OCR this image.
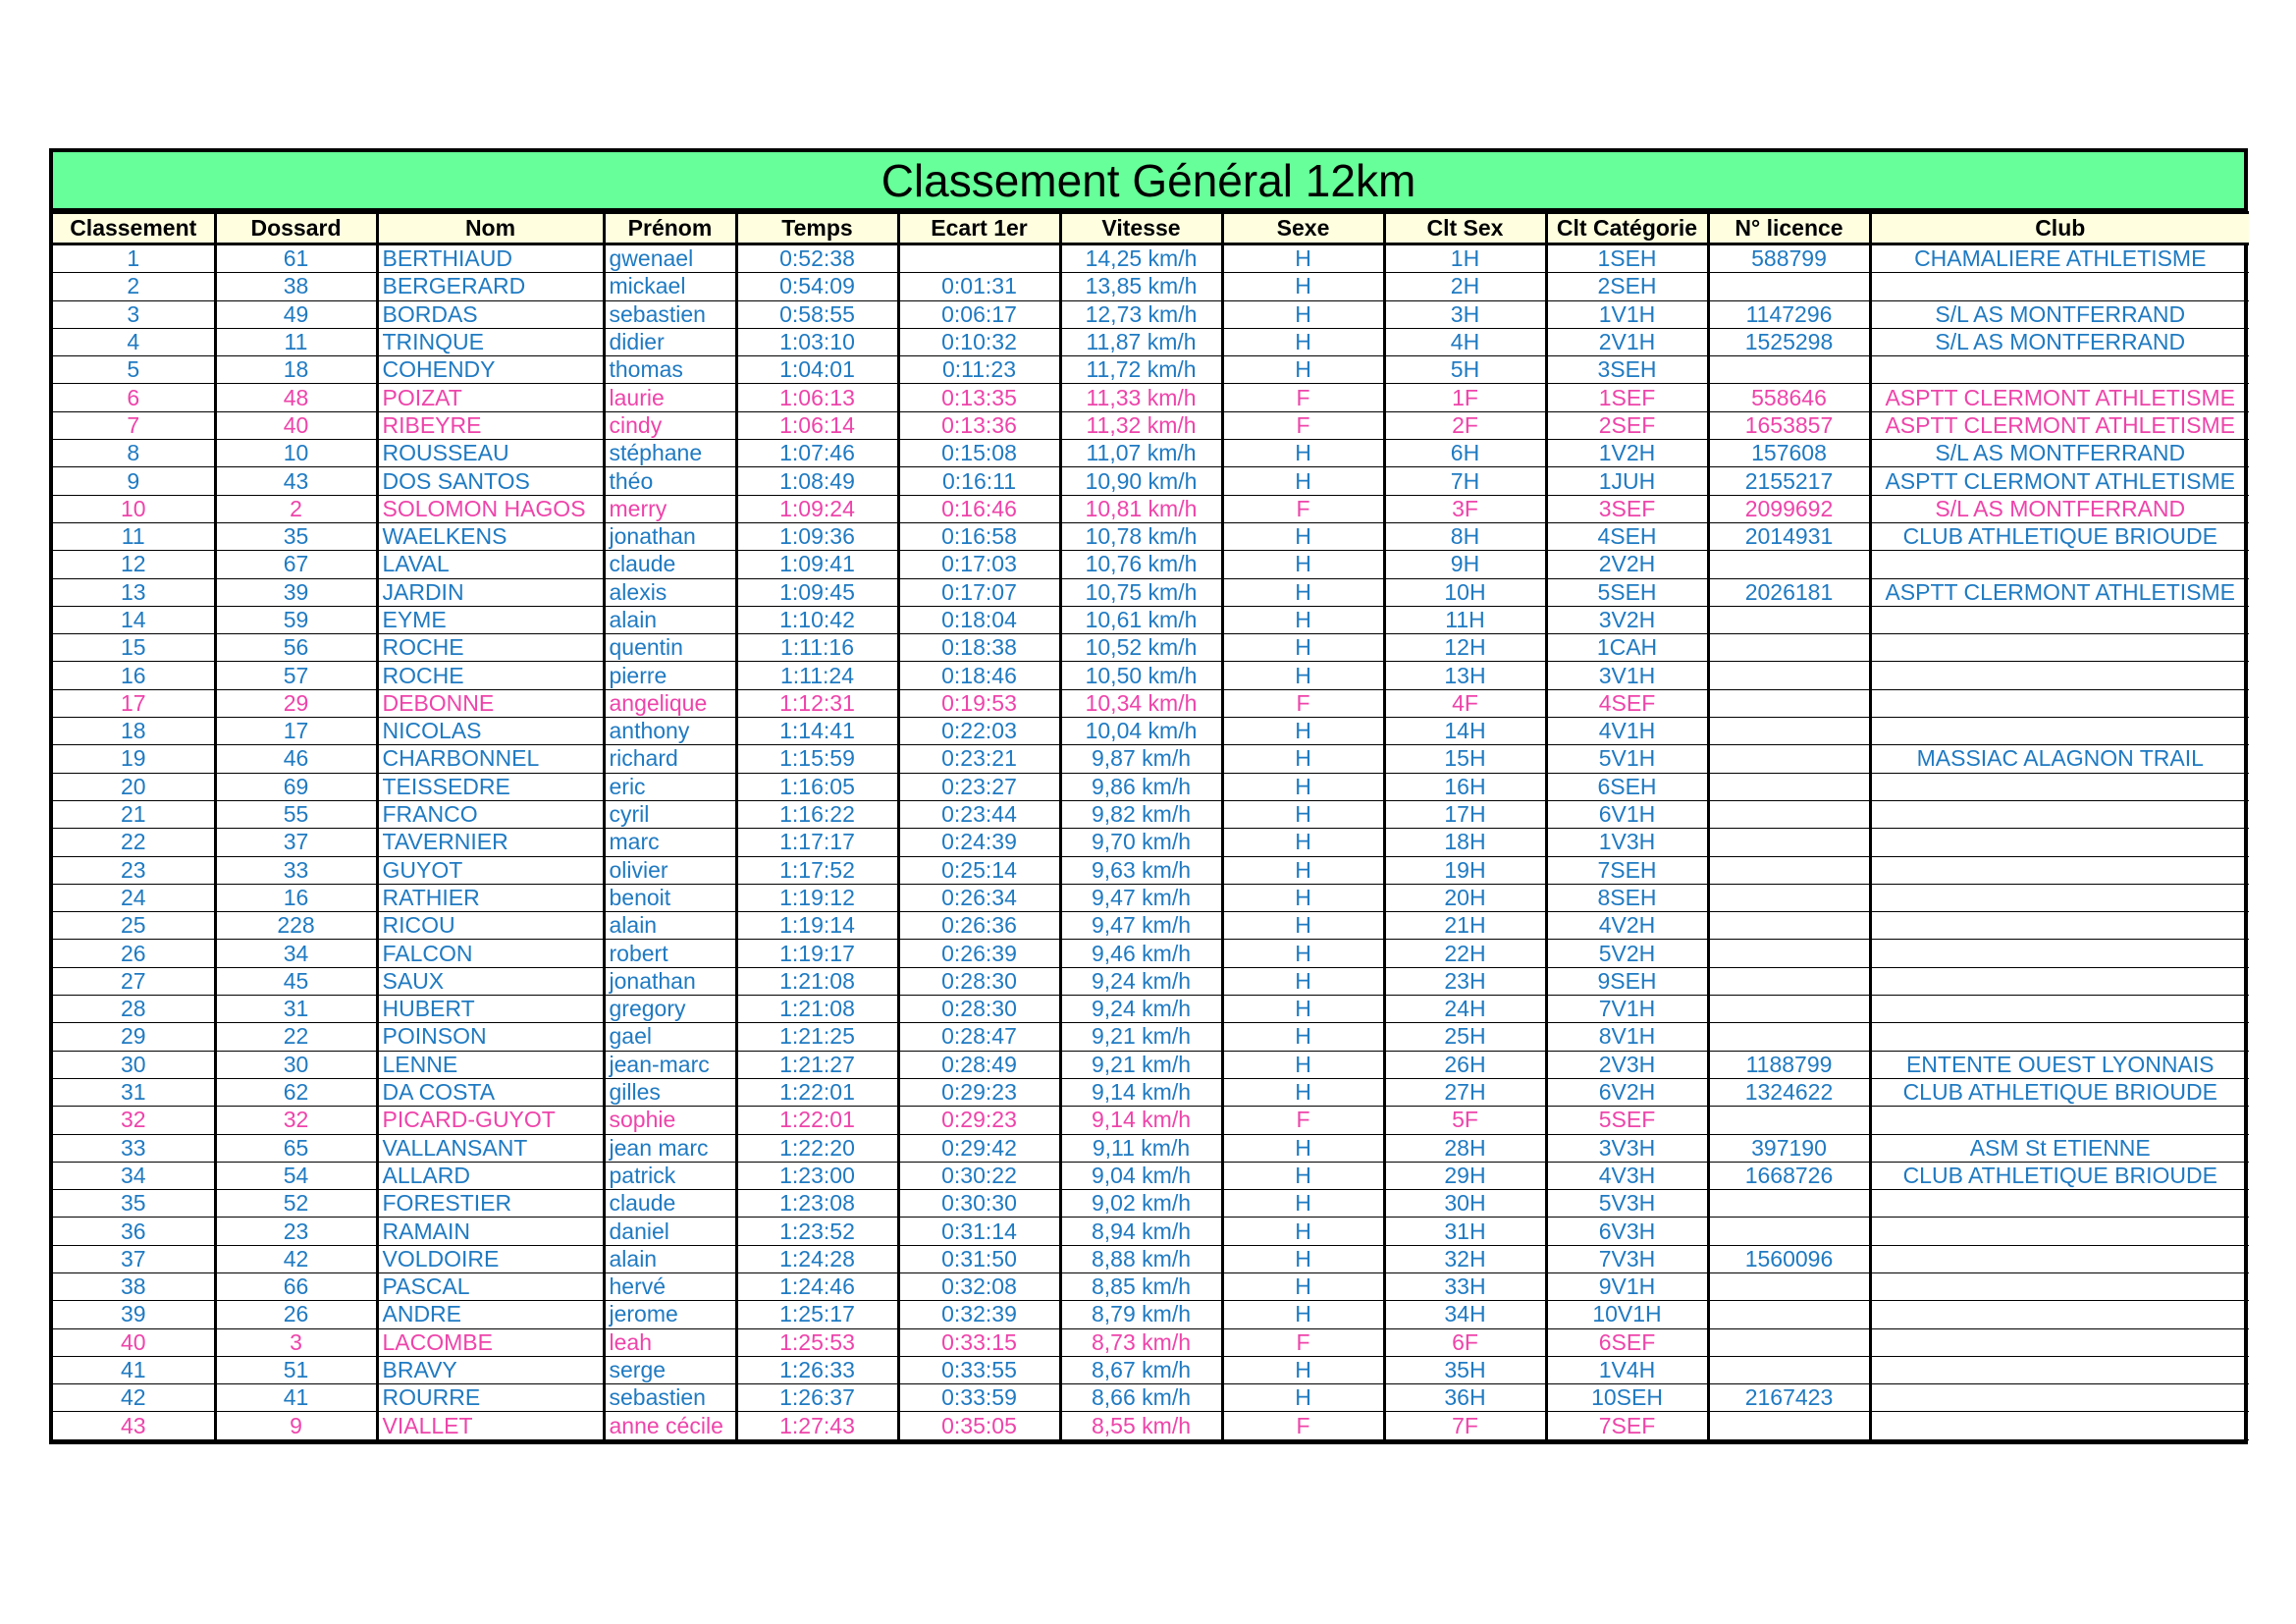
Classement Général 12km
Classement	Dossard	Nom	Prénom	Temps	Ecart 1er	Vitesse	Sexe	Clt Sex	Clt Catégorie	N° licence	Club
1	61	BERTHIAUD	gwenael	0:52:38		14,25 km/h	H	1H	1SEH	588799	CHAMALIERE ATHLETISME
2	38	BERGERARD	mickael	0:54:09	0:01:31	13,85 km/h	H	2H	2SEH		
3	49	BORDAS	sebastien	0:58:55	0:06:17	12,73 km/h	H	3H	1V1H	1147296	S/L AS MONTFERRAND
4	11	TRINQUE	didier	1:03:10	0:10:32	11,87 km/h	H	4H	2V1H	1525298	S/L AS MONTFERRAND
5	18	COHENDY	thomas	1:04:01	0:11:23	11,72 km/h	H	5H	3SEH		
6	48	POIZAT	laurie	1:06:13	0:13:35	11,33 km/h	F	1F	1SEF	558646	ASPTT CLERMONT ATHLETISME
7	40	RIBEYRE	cindy	1:06:14	0:13:36	11,32 km/h	F	2F	2SEF	1653857	ASPTT CLERMONT ATHLETISME
8	10	ROUSSEAU	stéphane	1:07:46	0:15:08	11,07 km/h	H	6H	1V2H	157608	S/L AS MONTFERRAND
9	43	DOS SANTOS	théo	1:08:49	0:16:11	10,90 km/h	H	7H	1JUH	2155217	ASPTT CLERMONT ATHLETISME
10	2	SOLOMON HAGOS	merry	1:09:24	0:16:46	10,81 km/h	F	3F	3SEF	2099692	S/L AS MONTFERRAND
11	35	WAELKENS	jonathan	1:09:36	0:16:58	10,78 km/h	H	8H	4SEH	2014931	CLUB ATHLETIQUE BRIOUDE
12	67	LAVAL	claude	1:09:41	0:17:03	10,76 km/h	H	9H	2V2H		
13	39	JARDIN	alexis	1:09:45	0:17:07	10,75 km/h	H	10H	5SEH	2026181	ASPTT CLERMONT ATHLETISME
14	59	EYME	alain	1:10:42	0:18:04	10,61 km/h	H	11H	3V2H		
15	56	ROCHE	quentin	1:11:16	0:18:38	10,52 km/h	H	12H	1CAH		
16	57	ROCHE	pierre	1:11:24	0:18:46	10,50 km/h	H	13H	3V1H		
17	29	DEBONNE	angelique	1:12:31	0:19:53	10,34 km/h	F	4F	4SEF		
18	17	NICOLAS	anthony	1:14:41	0:22:03	10,04 km/h	H	14H	4V1H		
19	46	CHARBONNEL	richard	1:15:59	0:23:21	9,87 km/h	H	15H	5V1H		MASSIAC ALAGNON TRAIL
20	69	TEISSEDRE	eric	1:16:05	0:23:27	9,86 km/h	H	16H	6SEH		
21	55	FRANCO	cyril	1:16:22	0:23:44	9,82 km/h	H	17H	6V1H		
22	37	TAVERNIER	marc	1:17:17	0:24:39	9,70 km/h	H	18H	1V3H		
23	33	GUYOT	olivier	1:17:52	0:25:14	9,63 km/h	H	19H	7SEH		
24	16	RATHIER	benoit	1:19:12	0:26:34	9,47 km/h	H	20H	8SEH		
25	228	RICOU	alain	1:19:14	0:26:36	9,47 km/h	H	21H	4V2H		
26	34	FALCON	robert	1:19:17	0:26:39	9,46 km/h	H	22H	5V2H		
27	45	SAUX	jonathan	1:21:08	0:28:30	9,24 km/h	H	23H	9SEH		
28	31	HUBERT	gregory	1:21:08	0:28:30	9,24 km/h	H	24H	7V1H		
29	22	POINSON	gael	1:21:25	0:28:47	9,21 km/h	H	25H	8V1H		
30	30	LENNE	jean-marc	1:21:27	0:28:49	9,21 km/h	H	26H	2V3H	1188799	ENTENTE OUEST LYONNAIS
31	62	DA COSTA	gilles	1:22:01	0:29:23	9,14 km/h	H	27H	6V2H	1324622	CLUB ATHLETIQUE BRIOUDE
32	32	PICARD-GUYOT	sophie	1:22:01	0:29:23	9,14 km/h	F	5F	5SEF		
33	65	VALLANSANT	jean marc	1:22:20	0:29:42	9,11 km/h	H	28H	3V3H	397190	ASM St ETIENNE
34	54	ALLARD	patrick	1:23:00	0:30:22	9,04 km/h	H	29H	4V3H	1668726	CLUB ATHLETIQUE BRIOUDE
35	52	FORESTIER	claude	1:23:08	0:30:30	9,02 km/h	H	30H	5V3H		
36	23	RAMAIN	daniel	1:23:52	0:31:14	8,94 km/h	H	31H	6V3H		
37	42	VOLDOIRE	alain	1:24:28	0:31:50	8,88 km/h	H	32H	7V3H	1560096	
38	66	PASCAL	hervé	1:24:46	0:32:08	8,85 km/h	H	33H	9V1H		
39	26	ANDRE	jerome	1:25:17	0:32:39	8,79 km/h	H	34H	10V1H		
40	3	LACOMBE	leah	1:25:53	0:33:15	8,73 km/h	F	6F	6SEF		
41	51	BRAVY	serge	1:26:33	0:33:55	8,67 km/h	H	35H	1V4H		
42	41	ROURRE	sebastien	1:26:37	0:33:59	8,66 km/h	H	36H	10SEH	2167423	
43	9	VIALLET	anne cécile	1:27:43	0:35:05	8,55 km/h	F	7F	7SEF		
